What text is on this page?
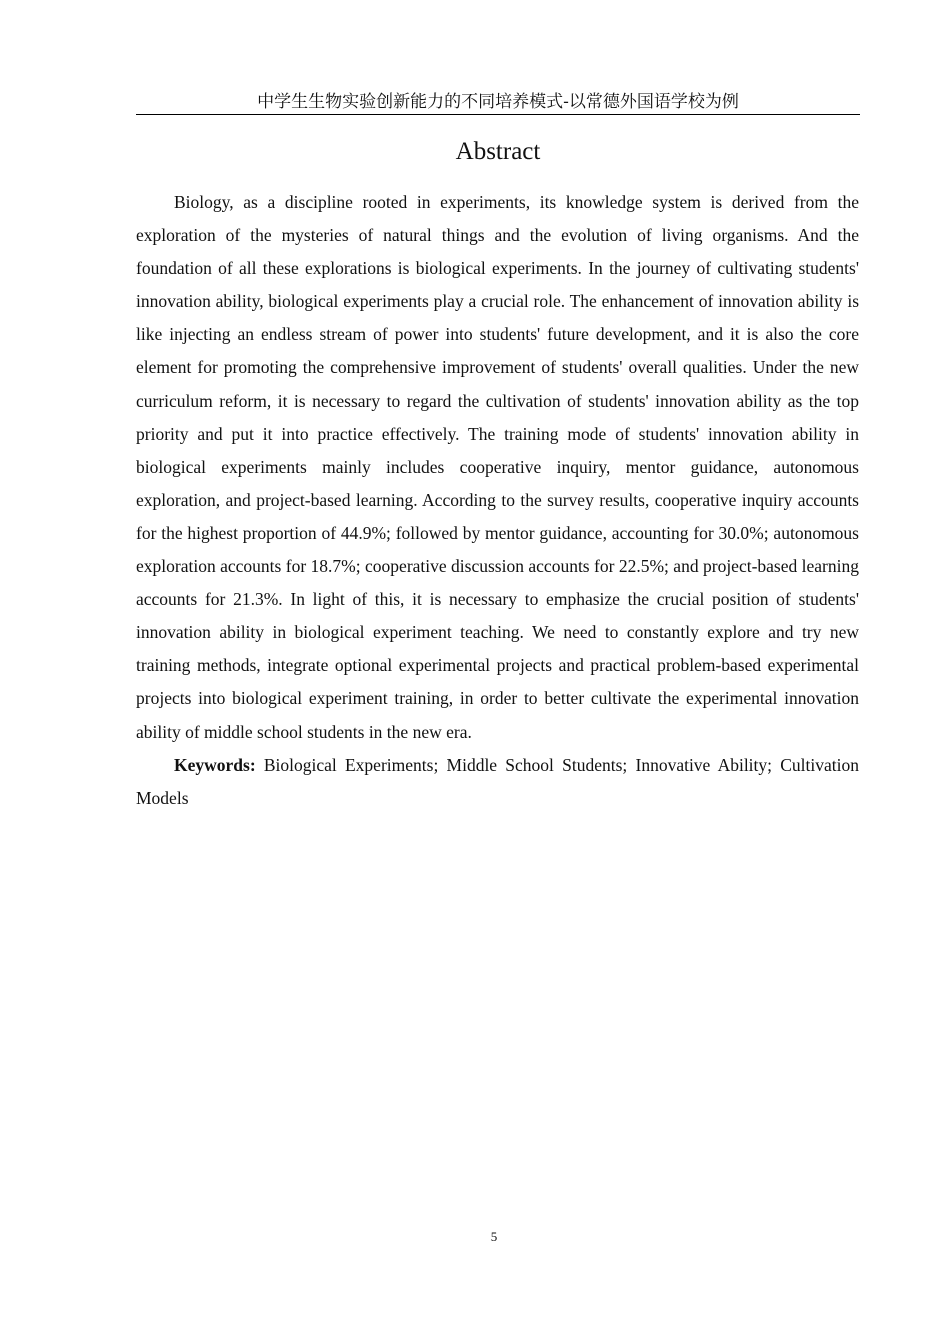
中学生生物实验创新能力的不同培养模式-以常德外国语学校为例
Abstract

Biology, as a discipline rooted in experiments, its knowledge system is derived from the exploration of the mysteries of natural things and the evolution of living organisms. And the foundation of all these explorations is biological experiments. In the journey of cultivating students' innovation ability, biological experiments play a crucial role. The enhancement of innovation ability is like injecting an endless stream of power into students' future development, and it is also the core element for promoting the comprehensive improvement of students' overall qualities. Under the new curriculum reform, it is necessary to regard the cultivation of students' innovation ability as the top priority and put it into practice effectively. The training mode of students' innovation ability in biological experiments mainly includes cooperative inquiry, mentor guidance, autonomous exploration, and project-based learning. According to the survey results, cooperative inquiry accounts for the highest proportion of 44.9%; followed by mentor guidance, accounting for 30.0%; autonomous exploration accounts for 18.7%; cooperative discussion accounts for 22.5%; and project-based learning accounts for 21.3%. In light of this, it is necessary to emphasize the crucial position of students' innovation ability in biological experiment teaching. We need to constantly explore and try new training methods, integrate optional experimental projects and practical problem-based experimental projects into biological experiment training, in order to better cultivate the experimental innovation ability of middle school students in the new era.

Keywords: Biological Experiments; Middle School Students; Innovative Ability; Cultivation Models

5
